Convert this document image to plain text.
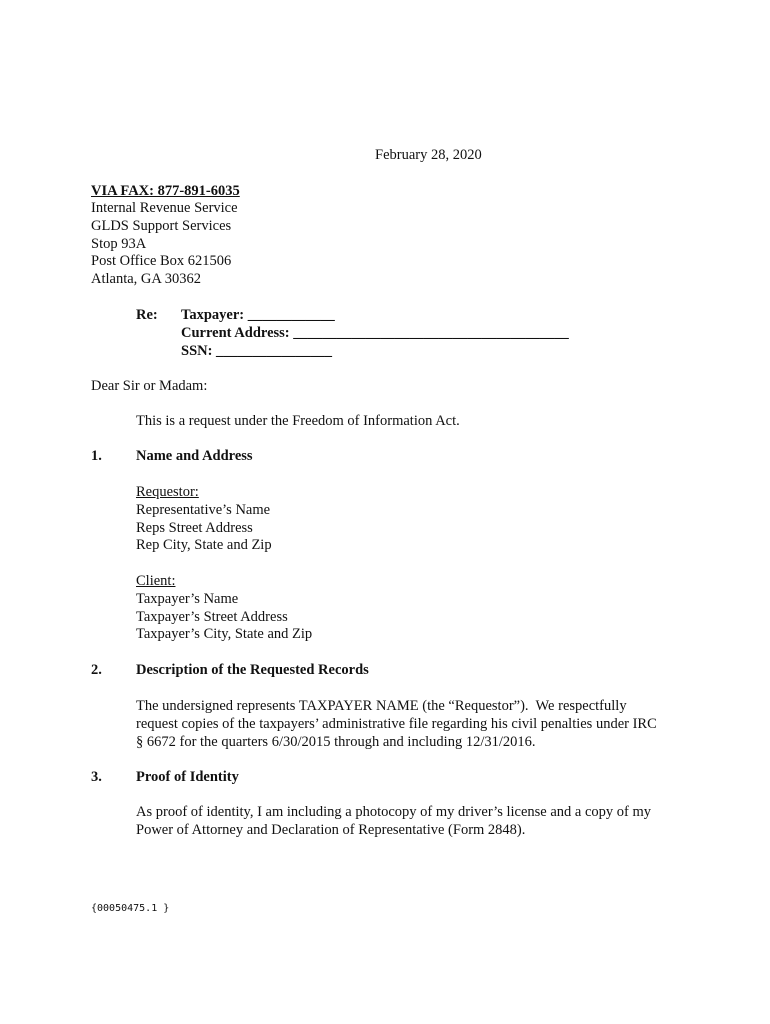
February 28, 2020
VIA FAX: 877-891-6035
Internal Revenue Service
GLDS Support Services
Stop 93A
Post Office Box 621506
Atlanta, GA 30362
Re: Taxpayer: ____________
Current Address: ______________________________________
SSN: ________________
Dear Sir or Madam:
This is a request under the Freedom of Information Act.
1. Name and Address
Requestor:
Representative’s Name
Reps Street Address
Rep City, State and Zip
Client:
Taxpayer’s Name
Taxpayer’s Street Address
Taxpayer’s City, State and Zip
2. Description of the Requested Records
The undersigned represents TAXPAYER NAME (the “Requestor”).  We respectfully
request copies of the taxpayers’ administrative file regarding his civil penalties under IRC
§ 6672 for the quarters 6/30/2015 through and including 12/31/2016.
3. Proof of Identity
As proof of identity, I am including a photocopy of my driver’s license and a copy of my
Power of Attorney and Declaration of Representative (Form 2848).
{00050475.1 }
